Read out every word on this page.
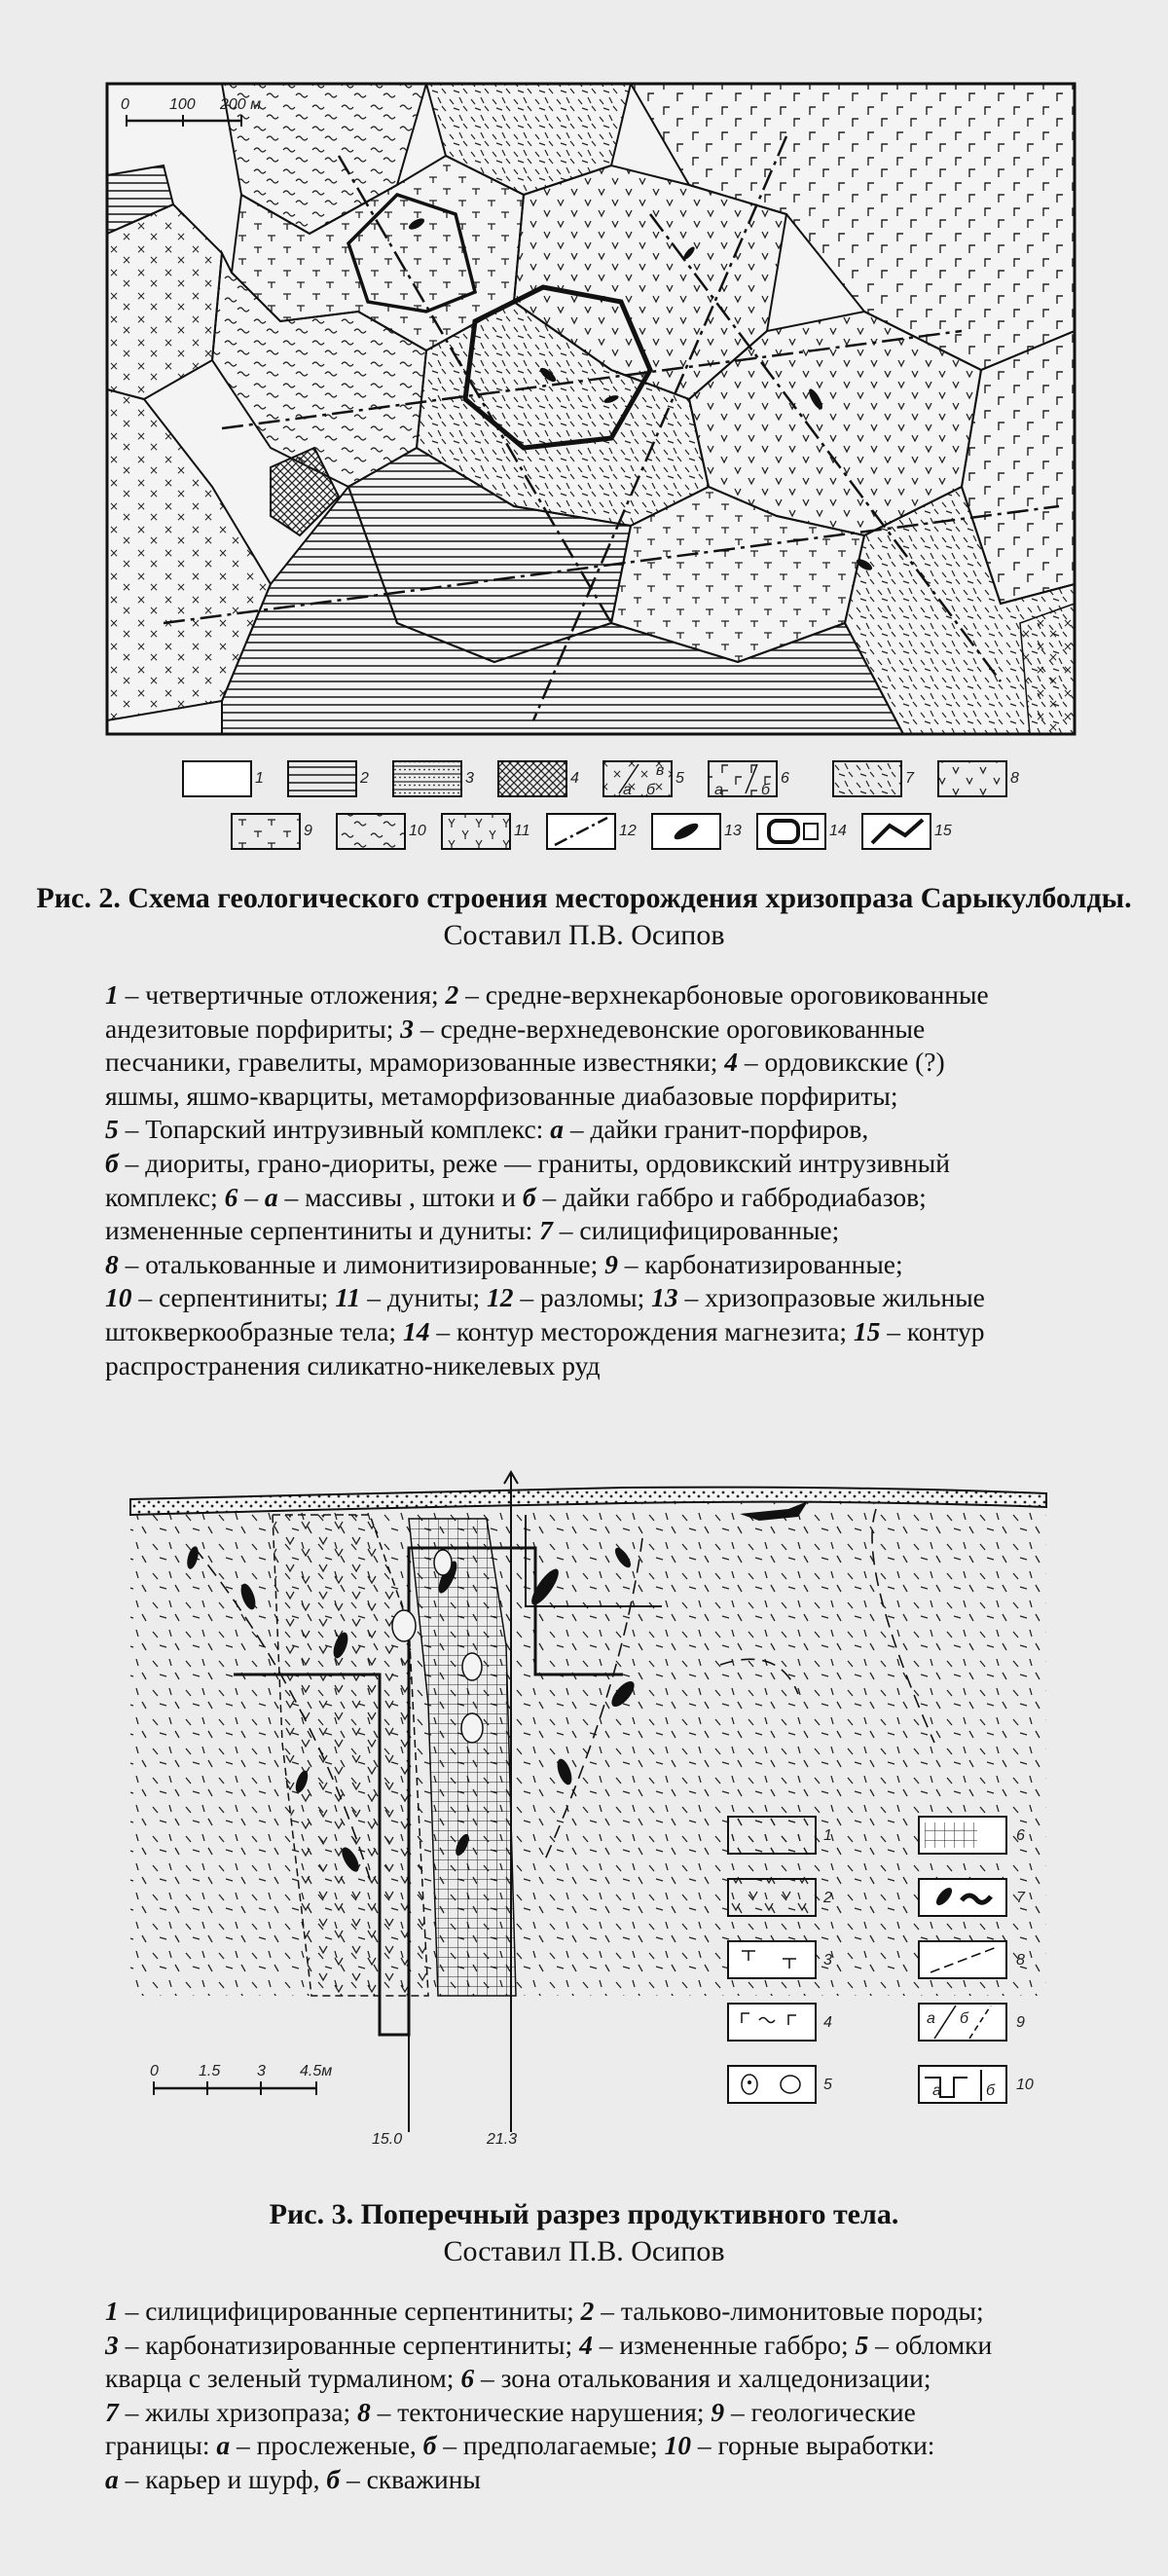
0	100 200 м
1	2	3	4
а б
в 5
а б
6	7	8
9	10	11	12	13	14	15
Рис. 2. Схема геологического строения месторождения хризопраза Сарыкулболды. Составил П.В. Осипов

1 – четвертичные отложения; 2 – средне-верхнекарбоновые ороговикованные

андезитовые порфириты; 3 – средне-верхнедевонские ороговикованные

песчаники, гравелиты, мраморизованные известняки; 4 – ордовикские (?)

яшмы, яшмо-кварциты, метаморфизованные диабазовые порфириты;

5 – Топарский интрузивный комплекс: а – дайки гранит-порфиров,

б – диориты, грано-диориты, реже — граниты, ордовикский интрузивный

комплекс; 6 – а – массивы , штоки и б – дайки габбро и габбродиабазов;

измененные серпентиниты и дуниты: 7 – силицифицированные;

8 – оталькованные и лимонитизированные; 9 – карбонатизированные;

10 – серпентиниты; 11 – дуниты; 12 – разломы; 13 – хризопразовые жильные

штокверкообразные тела; 14 – контур месторождения магнезита; 15 – контур

распространения силикатно-никелевых руд

0	1.5 3 4.5м
15.0	21.3
1
2
3
4
5
6
7
8
а б	9
а	б 10
Рис. 3. Поперечный разрез продуктивного тела.
Составил П.В. Осипов

1 – силицифицированные серпентиниты; 2 – тальково-лимонитовые породы;

3 – карбонатизированные серпентиниты; 4 – измененные габбро; 5 – обломки

кварца с зеленый турмалином; 6 – зона оталькования и халцедонизации;

7 – жилы хризопраза; 8 – тектонические нарушения; 9 – геологические

границы: а – прослеженые, б – предполагаемые; 10 – горные выработки:

а – карьер и шурф, б – скважины
